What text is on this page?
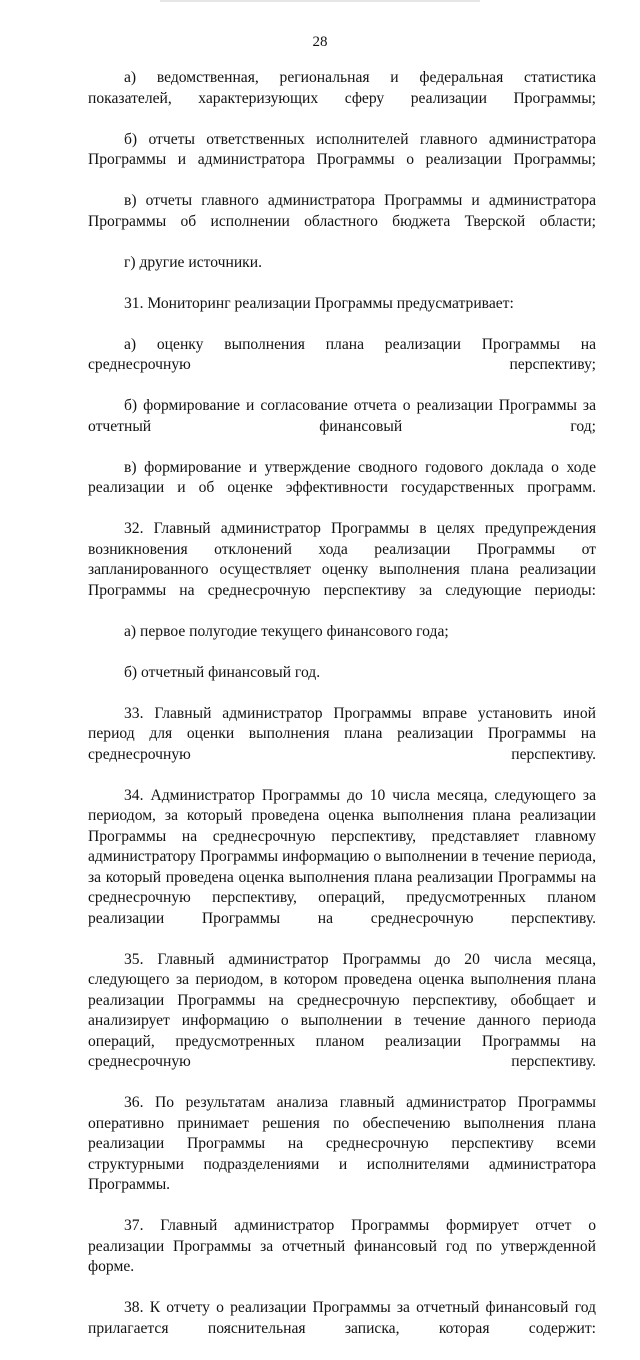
28

а) ведомственная, региональная и федеральная статистика показателей, характеризующих сферу реализации Программы;

б) отчеты ответственных исполнителей главного администратора Программы и администратора Программы о реализации Программы;

в) отчеты главного администратора Программы и администратора Программы об исполнении областного бюджета Тверской области;

г) другие источники.

31. Мониторинг реализации Программы предусматривает:

а) оценку выполнения плана реализации Программы на среднесрочную перспективу;

б) формирование и согласование отчета о реализации Программы за отчетный финансовый год;

в) формирование и утверждение сводного годового доклада о ходе реализации и об оценке эффективности государственных программ.

32. Главный администратор Программы в целях предупреждения возникновения отклонений хода реализации Программы от запланированного осуществляет оценку выполнения плана реализации Программы на среднесрочную перспективу за следующие периоды:

а) первое полугодие текущего финансового года;

б) отчетный финансовый год.

33. Главный администратор Программы вправе установить иной период для оценки выполнения плана реализации Программы на среднесрочную перспективу.

34. Администратор Программы до 10 числа месяца, следующего за периодом, за который проведена оценка выполнения плана реализации Программы на среднесрочную перспективу, представляет главному администратору Программы информацию о выполнении в течение периода, за который проведена оценка выполнения плана реализации Программы на среднесрочную перспективу, операций, предусмотренных планом реализации Программы на среднесрочную перспективу.

35. Главный администратор Программы до 20 числа месяца, следующего за периодом, в котором проведена оценка выполнения плана реализации Программы на среднесрочную перспективу, обобщает и анализирует информацию о выполнении в течение данного периода операций, предусмотренных планом реализации Программы на среднесрочную перспективу.

36. По результатам анализа главный администратор Программы оперативно принимает решения по обеспечению выполнения плана реализации Программы на среднесрочную перспективу всеми структурными подразделениями и исполнителями администратора Программы.

37. Главный администратор Программы формирует отчет о реализации Программы за отчетный финансовый год по утвержденной форме.

38. К отчету о реализации Программы за отчетный финансовый год прилагается пояснительная записка, которая содержит:
